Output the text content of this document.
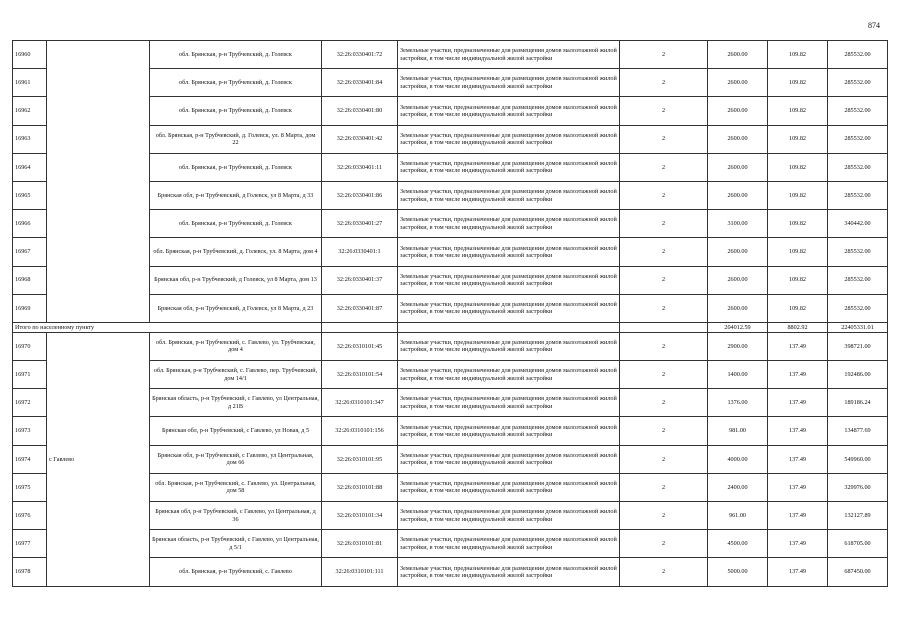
874
16960		обл. Брянская, р-н Трубчевский, д. Голевск	32:26:0330401:72	Земельные участки, предназначенные для размещения домов малоэтажной жилой застройки, в том числе индивидуальной жилой застройки	2	2600.00	109.82	285532.00
16961		обл. Брянская, р-н Трубчевский, д. Голевск	32:26:0330401:84	Земельные участки, предназначенные для размещения домов малоэтажной жилой застройки, в том числе индивидуальной жилой застройки	2	2600.00	109.82	285532.00
16962		обл. Брянская, р-н Трубчевский, д. Голевск	32:26:0330401:80	Земельные участки, предназначенные для размещения домов малоэтажной жилой застройки, в том числе индивидуальной жилой застройки	2	2600.00	109.82	285532.00
16963		обл. Брянская, р-н Трубчевский, д. Голевск, ул. 8 Марта, дом 22	32:26:0330401:42	Земельные участки, предназначенные для размещения домов малоэтажной жилой застройки, в том числе индивидуальной жилой застройки	2	2600.00	109.82	285532.00
16964		обл. Брянская, р-н Трубчевский, д. Голевск	32:26:0330401:11	Земельные участки, предназначенные для размещения домов малоэтажной жилой застройки, в том числе индивидуальной жилой застройки	2	2600.00	109.82	285532.00
16965		Брянская обл, р-н Трубчевский, д Голевск, ул 8 Марта, д 33	32:26:0330401:86	Земельные участки, предназначенные для размещения домов малоэтажной жилой застройки, в том числе индивидуальной жилой застройки	2	2600.00	109.82	285532.00
16966		обл. Брянская, р-н Трубчевский, д. Голевск	32:26:0330401:27	Земельные участки, предназначенные для размещения домов малоэтажной жилой застройки, в том числе индивидуальной жилой застройки	2	3100.00	109.82	340442.00
16967		обл. Брянская, р-н Трубчевский, д. Голевск, ул. 8 Марта, дом 4	32:26:0330401:1	Земельные участки, предназначенные для размещения домов малоэтажной жилой застройки, в том числе индивидуальной жилой застройки	2	2600.00	109.82	285532.00
16968		Брянская обл, р-н Трубчевский, д Голевск, ул 8 Марта, дом 13	32:26:0330401:37	Земельные участки, предназначенные для размещения домов малоэтажной жилой застройки, в том числе индивидуальной жилой застройки	2	2600.00	109.82	285532.00
16969		Брянская обл, р-н Трубчевский, д Голевск, ул 8 Марта, д 23	32:26:0330401:87	Земельные участки, предназначенные для размещения домов малоэтажной жилой застройки, в том числе индивидуальной жилой застройки	2	2600.00	109.82	285532.00
Итого по населенному пункту						204012.59	8802.92	22405331.01
16970	с Гавлево	обл. Брянская, р-н Трубчевский, с. Гавлево, ул. Трубчевская, дом 4	32:26:0310101:45	Земельные участки, предназначенные для размещения домов малоэтажной жилой застройки, в том числе индивидуальной жилой застройки	2	2900.00	137.49	398721.00
16971		обл. Брянская, р-н Трубчевский, с. Гавлево, пер. Трубчевский, дом 14/1	32:26:0310101:54	Земельные участки, предназначенные для размещения домов малоэтажной жилой застройки, в том числе индивидуальной жилой застройки	2	1400.00	137.49	192486.00
16972		Брянская область, р-н Трубчевский, с Гавлево, ул Центральная, д 21В	32:26:0310101:347	Земельные участки, предназначенные для размещения домов малоэтажной жилой застройки, в том числе индивидуальной жилой застройки	2	1376.00	137.49	189186.24
16973		Брянская обл, р-н Трубчевский, с Гавлево, ул Новая, д 5	32:26:0310101:156	Земельные участки, предназначенные для размещения домов малоэтажной жилой застройки, в том числе индивидуальной жилой застройки	2	981.00	137.49	134877.69
16974		Брянская обл, р-н Трубчевский, с Гавлево, ул Центральная, дом 66	32:26:0310101:95	Земельные участки, предназначенные для размещения домов малоэтажной жилой застройки, в том числе индивидуальной жилой застройки	2	4000.00	137.49	549960.00
16975		обл. Брянская, р-н Трубчевский, с. Гавлево, ул. Центральная, дом 58	32:26:0310101:88	Земельные участки, предназначенные для размещения домов малоэтажной жилой застройки, в том числе индивидуальной жилой застройки	2	2400.00	137.49	329976.00
16976		Брянская обл, р-н Трубчевский, с Гавлево, ул Центральная, д 36	32:26:0310101:34	Земельные участки, предназначенные для размещения домов малоэтажной жилой застройки, в том числе индивидуальной жилой застройки	2	961.00	137.49	132127.89
16977		Брянская область, р-н Трубчевский, с Гавлево, ул Центральная, д 5/1	32:26:0310101:81	Земельные участки, предназначенные для размещения домов малоэтажной жилой застройки, в том числе индивидуальной жилой застройки	2	4500.00	137.49	618705.00
16978		обл. Брянская, р-н Трубчевский, с. Гавлево	32:26:0310101:111	Земельные участки, предназначенные для размещения домов малоэтажной жилой застройки, в том числе индивидуальной жилой застройки	2	5000.00	137.49	687450.00
